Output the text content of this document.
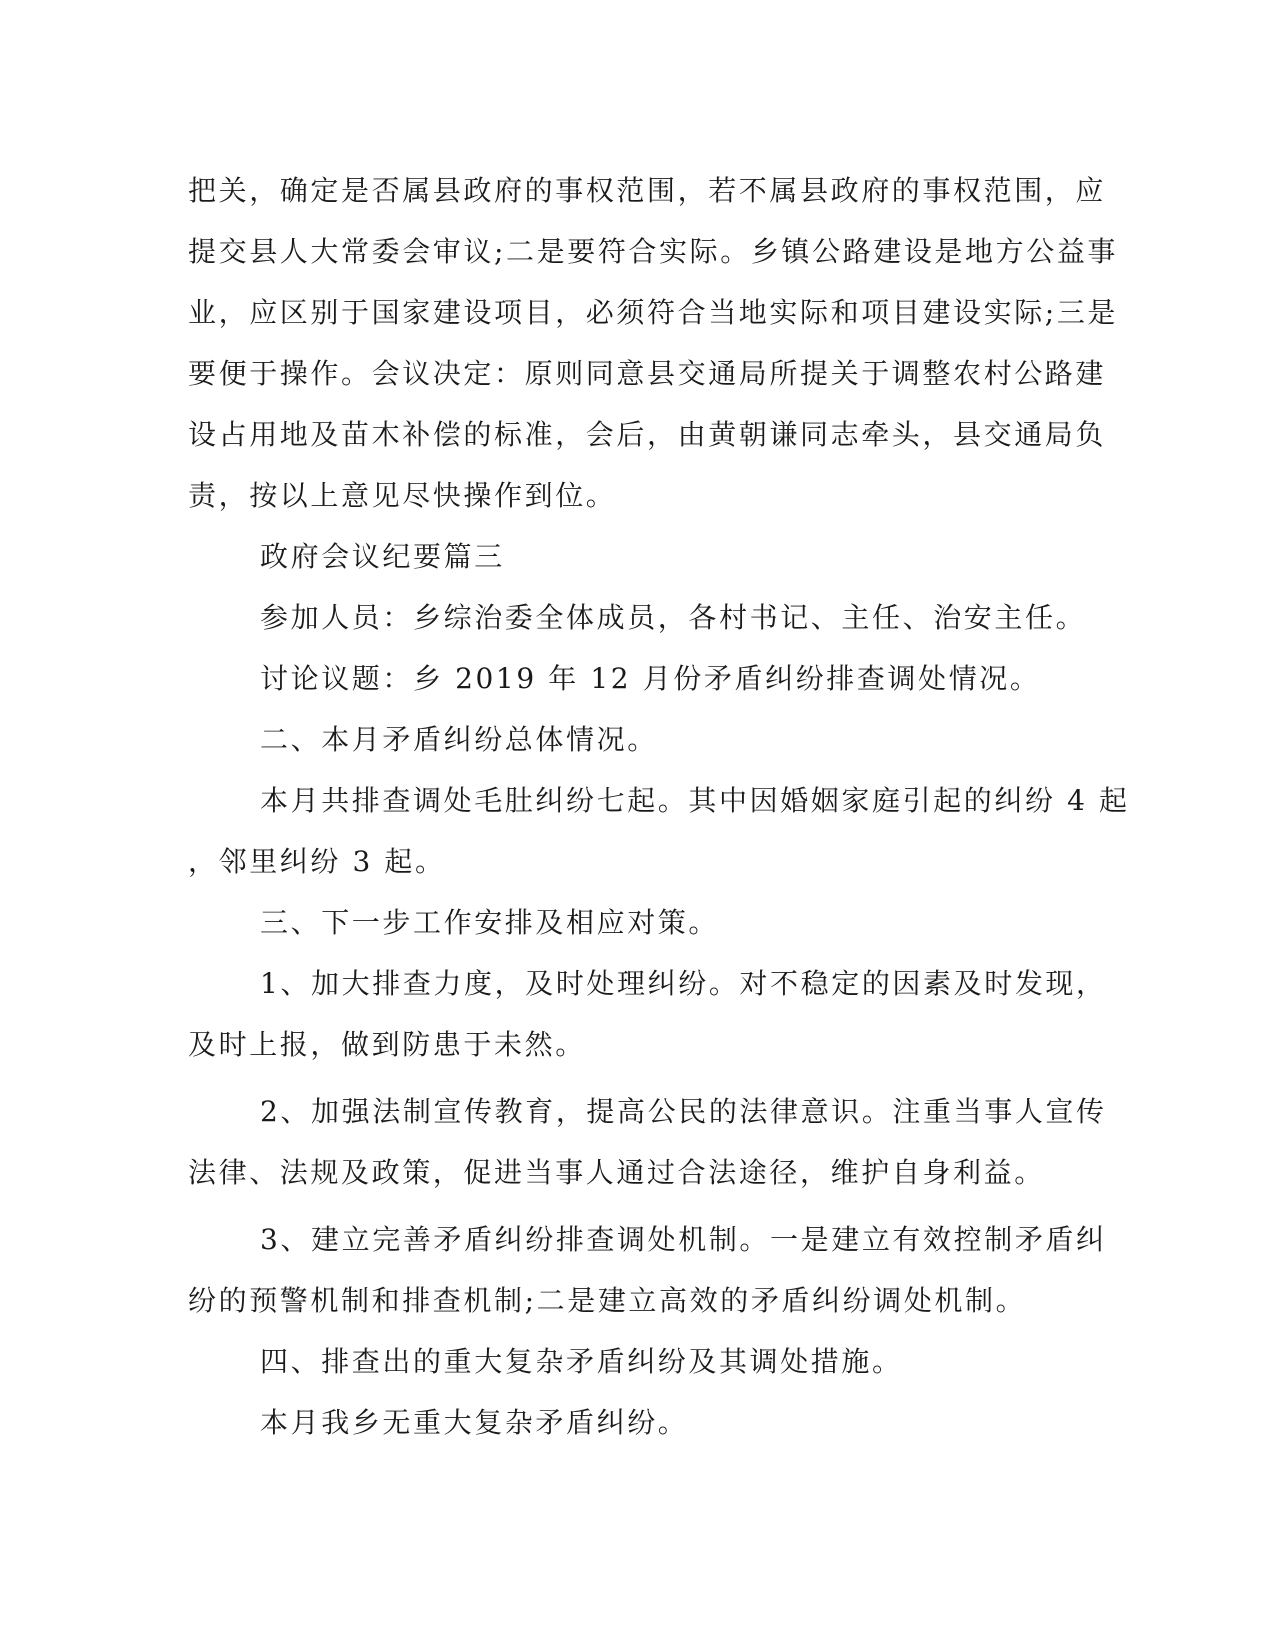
把关，确定是否属县政府的事权范围，若不属县政府的事权范围，应
提交县人大常委会审议;二是要符合实际。乡镇公路建设是地方公益事
业，应区别于国家建设项目，必须符合当地实际和项目建设实际;三是
要便于操作。会议决定：原则同意县交通局所提关于调整农村公路建
设占用地及苗木补偿的标准，会后，由黄朝谦同志牵头，县交通局负
责，按以上意见尽快操作到位。
政府会议纪要篇三
参加人员：乡综治委全体成员，各村书记、主任、治安主任。
讨论议题：乡 2019 年 12 月份矛盾纠纷排查调处情况。
二、本月矛盾纠纷总体情况。
本月共排查调处毛肚纠纷七起。其中因婚姻家庭引起的纠纷 4 起
，邻里纠纷 3 起。
三、下一步工作安排及相应对策。
1、加大排查力度，及时处理纠纷。对不稳定的因素及时发现，
及时上报，做到防患于未然。
2、加强法制宣传教育，提高公民的法律意识。注重当事人宣传
法律、法规及政策，促进当事人通过合法途径，维护自身利益。
3、建立完善矛盾纠纷排查调处机制。一是建立有效控制矛盾纠
纷的预警机制和排查机制;二是建立高效的矛盾纠纷调处机制。
四、排查出的重大复杂矛盾纠纷及其调处措施。
本月我乡无重大复杂矛盾纠纷。
